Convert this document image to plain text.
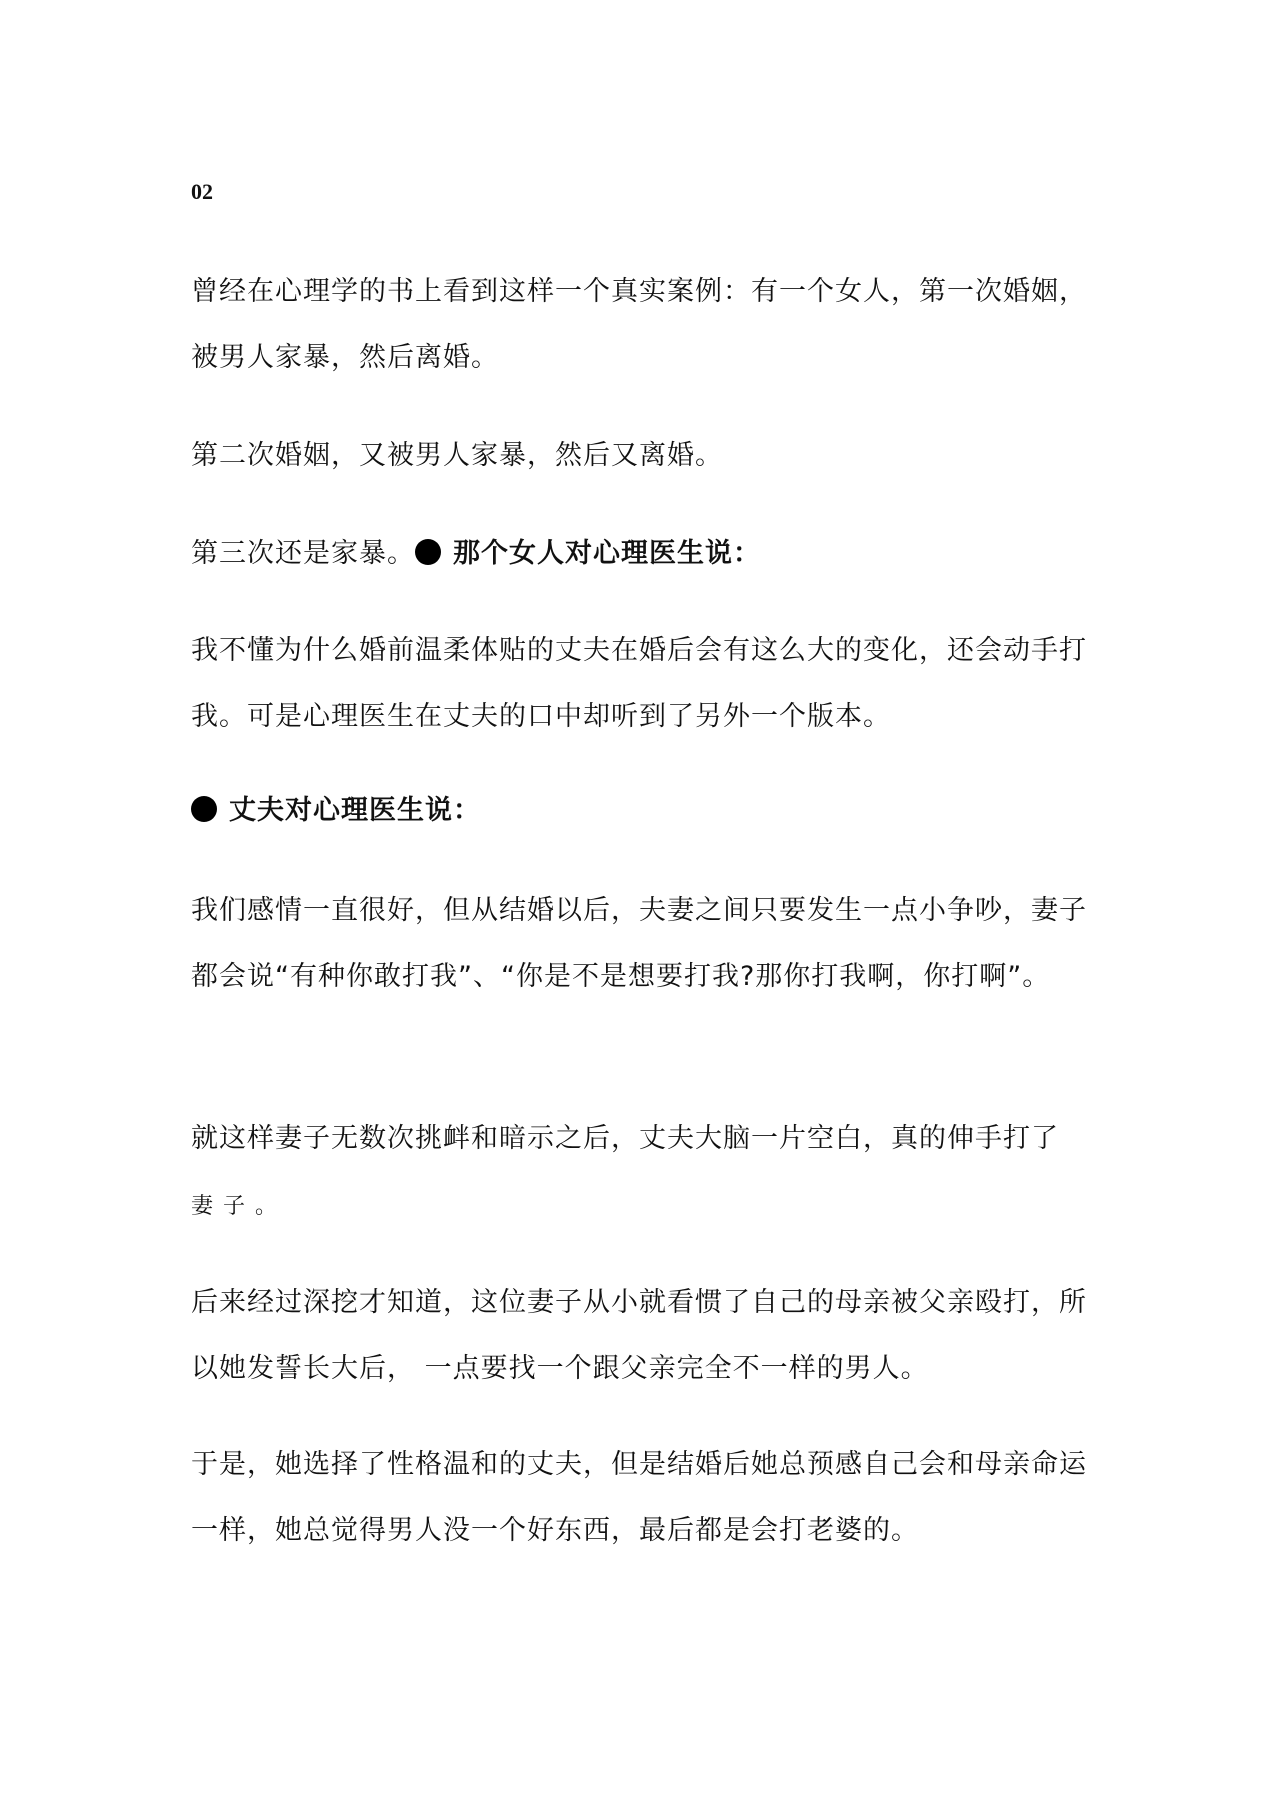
02

曾经在心理学的书上看到这样一个真实案例：有一个女人，第一次婚姻，被男人家暴，然后离婚。

第二次婚姻，又被男人家暴，然后又离婚。

第三次还是家暴。 那个女人对心理医生说：

我不懂为什么婚前温柔体贴的丈夫在婚后会有这么大的变化，还会动手打我。可是心理医生在丈夫的口中却听到了另外一个版本。

丈夫对心理医生说：

我们感情一直很好，但从结婚以后，夫妻之间只要发生一点小争吵，妻子都会说“有种你敢打我”、“你是不是想要打我?那你打我啊，你打啊”。

就这样妻子无数次挑衅和暗示之后，丈夫大脑一片空白，真的伸手打了
妻子。

后来经过深挖才知道，这位妻子从小就看惯了自己的母亲被父亲殴打，所以她发誓长大后， 一点要找一个跟父亲完全不一样的男人。

于是，她选择了性格温和的丈夫，但是结婚后她总预感自己会和母亲命运一样，她总觉得男人没一个好东西，最后都是会打老婆的。
